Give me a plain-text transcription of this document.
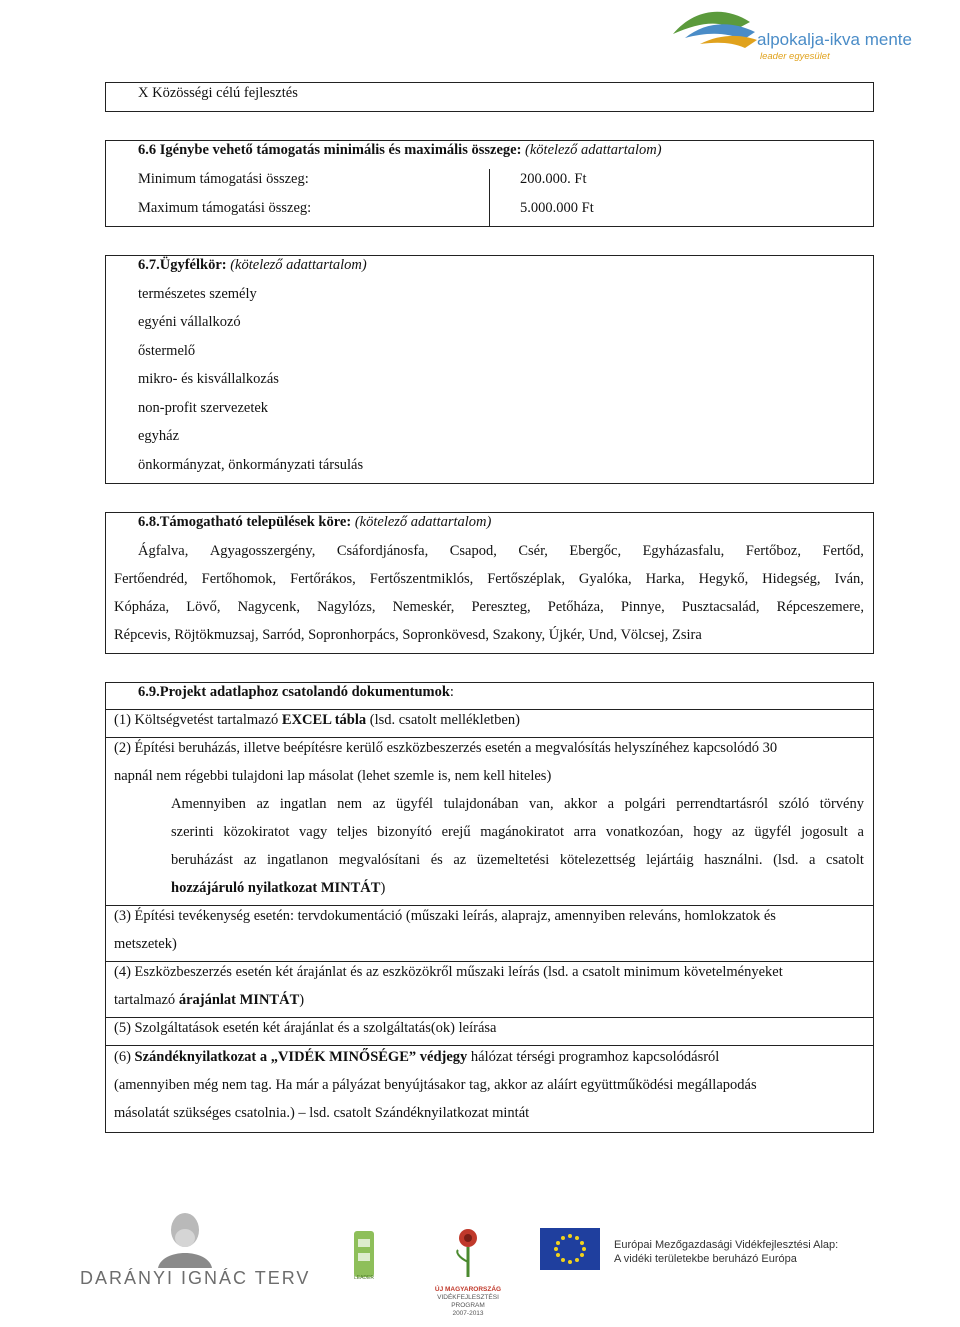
alpokalja-ikva mente
leader egyesület
X Közösségi célú fejlesztés
6.6 Igénybe vehető támogatás minimális és maximális összege: (kötelező adattartalom)
Minimum támogatási összeg:	200.000. Ft
Maximum támogatási összeg:	5.000.000 Ft
6.7.Ügyfélkör: (kötelező adattartalom)
természetes személy
egyéni vállalkozó
őstermelő
mikro- és kisvállalkozás
non-profit szervezetek
egyház
önkormányzat, önkormányzati társulás
6.8.Támogatható települések köre: (kötelező adattartalom)
Ágfalva, Agyagosszergény, Csáfordjánosfa, Csapod, Csér, Ebergőc, Egyházasfalu, Fertőboz, Fertőd,
Fertőendréd, Fertőhomok, Fertőrákos, Fertőszentmiklós, Fertőszéplak, Gyalóka, Harka, Hegykő, Hidegség, Iván,
Kópháza, Lövő, Nagycenk, Nagylózs, Nemeskér, Pereszteg, Petőháza, Pinnye, Pusztacsalád, Répceszemere,
Répcevis, Röjtökmuzsaj, Sarród, Sopronhorpács, Sopronkövesd, Szakony, Újkér, Und, Völcsej, Zsira
6.9.Projekt adatlaphoz csatolandó dokumentumok:
(1) Költségvetést tartalmazó EXCEL tábla (lsd. csatolt mellékletben)
(2) Építési beruházás, illetve beépítésre kerülő eszközbeszerzés esetén a megvalósítás helyszínéhez kapcsolódó 30
napnál nem régebbi tulajdoni lap másolat (lehet szemle is, nem kell hiteles)
Amennyiben az ingatlan nem az ügyfél tulajdonában van, akkor a polgári perrendtartásról szóló törvény
szerinti közokiratot vagy teljes bizonyító erejű magánokiratot arra vonatkozóan, hogy az ügyfél jogosult a
beruházást az ingatlanon megvalósítani és az üzemeltetési kötelezettség lejártáig használni. (lsd. a csatolt
hozzájáruló nyilatkozat MINTÁT)
(3) Építési tevékenység esetén: tervdokumentáció (műszaki leírás, alaprajz, amennyiben releváns, homlokzatok és
metszetek)
(4) Eszközbeszerzés esetén két árajánlat és az eszközökről műszaki leírás (lsd. a csatolt minimum követelményeket
tartalmazó árajánlat MINTÁT)
(5) Szolgáltatások esetén két árajánlat és a szolgáltatás(ok) leírása
(6) Szándéknyilatkozat a „VIDÉK MINŐSÉGE” védjegy hálózat térségi programhoz kapcsolódásról
(amennyiben még nem tag. Ha már a pályázat benyújtásakor tag, akkor az aláírt együttműködési megállapodás
másolatát szükséges csatolnia.) – lsd. csatolt Szándéknyilatkozat mintát
DARÁNYI IGNÁC TERV	LEADER
ÚJ MAGYARORSZÁG
VIDÉKFEJLESZTÉSI PROGRAM
2007-2013
Európai Mezőgazdasági Vidékfejlesztési Alap:
A vidéki területekbe beruházó Európa
